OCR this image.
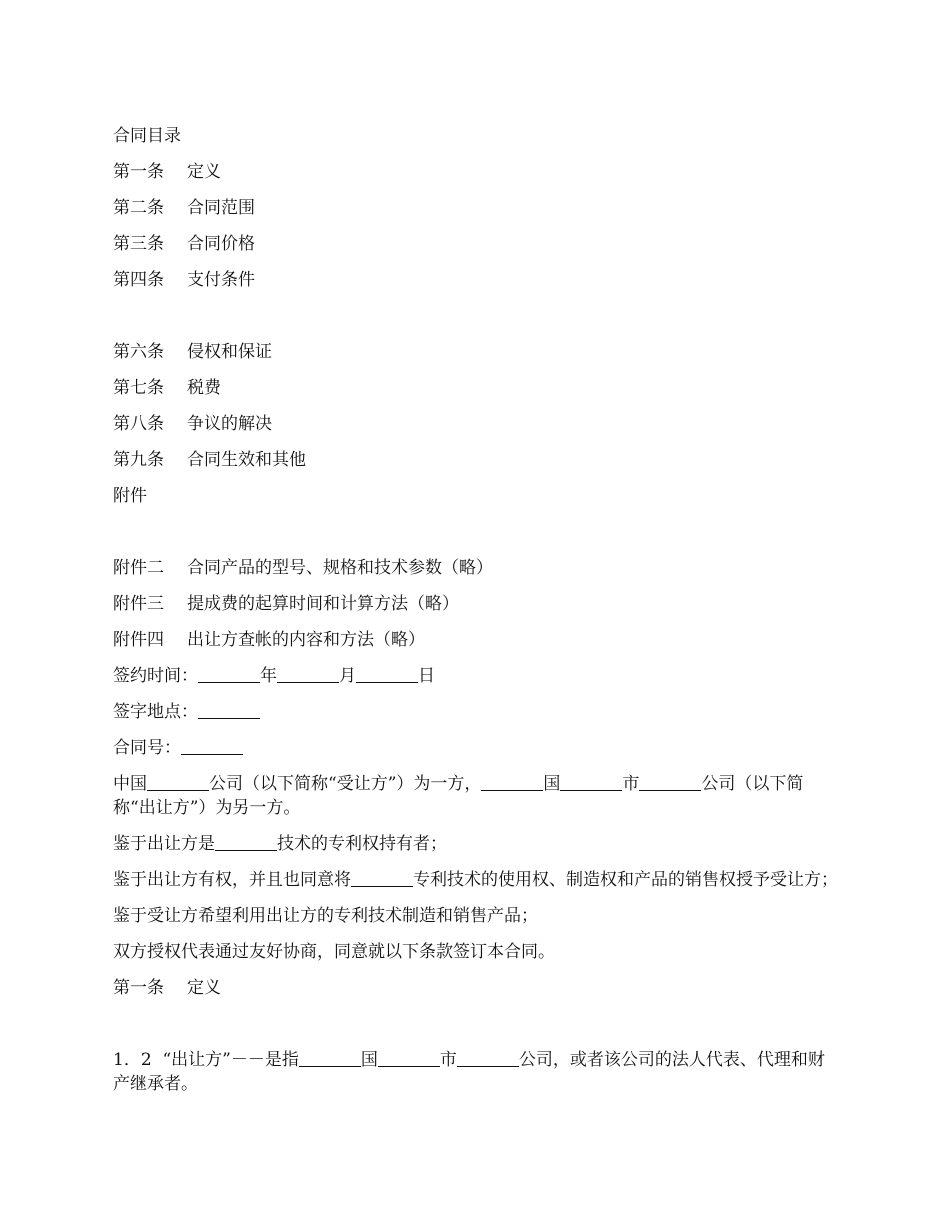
合同目录

第一条 定义

第二条 合同范围

第三条 合同价格

第四条 支付条件

第六条 侵权和保证

第七条 税费

第八条 争议的解决

第九条 合同生效和其他

附件

附件二 合同产品的型号、规格和技术参数（略）

附件三 提成费的起算时间和计算方法（略）

附件四 出让方查帐的内容和方法（略）

签约时间：	年	月	日

签字地点：

合同号：

中国	公司（以下简称“受让方”）为一方，	国	市	公司（以下简称“出让方”）为另一方。

鉴于出让方是	技术的专利权持有者；

鉴于出让方有权，并且也同意将	专利技术的使用权、制造权和产品的销售权授予受让方；

鉴于受让方希望利用出让方的专利技术制造和销售产品；

双方授权代表通过友好协商，同意就以下条款签订本合同。

第一条 定义

1．2 “出让方”－－是指	国	市	公司，或者该公司的法人代表、代理和财产继承者。
